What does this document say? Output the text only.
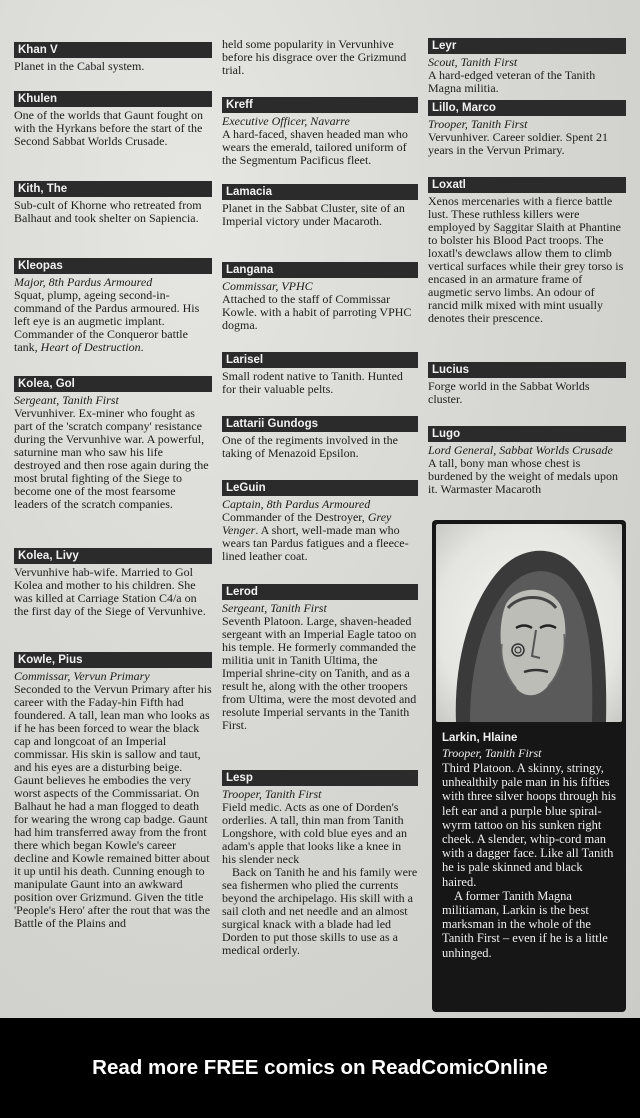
Khan V
Planet in the Cabal system.
Khulen
One of the worlds that Gaunt fought on with the Hyrkans before the start of the Second Sabbat Worlds Crusade.
Kith, The
Sub-cult of Khorne who retreated from Balhaut and took shelter on Sapiencia.
Kleopas
Major, 8th Pardus Armoured
Squat, plump, ageing second-in-command of the Pardus armoured. His left eye is an augmetic implant. Commander of the Conqueror battle tank, Heart of Destruction.
Kolea, Gol
Sergeant, Tanith First
Vervunhiver. Ex-miner who fought as part of the 'scratch company' resistance during the Vervunhive war. A powerful, saturnine man who saw his life destroyed and then rose again during the most brutal fighting of the Siege to become one of the most fearsome leaders of the scratch companies.
Kolea, Livy
Vervunhive hab-wife. Married to Gol Kolea and mother to his children. She was killed at Carriage Station C4/a on the first day of the Siege of Vervunhive.
Kowle, Pius
Commissar, Vervun Primary
Seconded to the Vervun Primary after his career with the Faday-hin Fifth had foundered. A tall, lean man who looks as if he has been forced to wear the black cap and longcoat of an Imperial commissar. His skin is sallow and taut, and his eyes are a disturbing beige. Gaunt believes he embodies the very worst aspects of the Commissariat. On Balhaut he had a man flogged to death for wearing the wrong cap badge. Gaunt had him transferred away from the front there which began Kowle's career decline and Kowle remained bitter about it up until his death. Cunning enough to manipulate Gaunt into an awkward position over Grizmund. Given the title 'People's Hero' after the rout that was the Battle of the Plains and
held some popularity in Vervunhive before his disgrace over the Grizmund trial.
Kreff
Executive Officer, Navarre
A hard-faced, shaven headed man who wears the emerald, tailored uniform of the Segmentum Pacificus fleet.
Lamacia
Planet in the Sabbat Cluster, site of an Imperial victory under Macaroth.
Langana
Commissar, VPHC
Attached to the staff of Commissar Kowle. with a habit of parroting VPHC dogma.
Larisel
Small rodent native to Tanith. Hunted for their valuable pelts.
Lattarii Gundogs
One of the regiments involved in the taking of Menazoid Epsilon.
LeGuin
Captain, 8th Pardus Armoured
Commander of the Destroyer, Grey Venger. A short, well-made man who wears tan Pardus fatigues and a fleece-lined leather coat.
Lerod
Sergeant, Tanith First
Seventh Platoon. Large, shaven-headed sergeant with an Imperial Eagle tatoo on his temple. He formerly commanded the militia unit in Tanith Ultima, the Imperial shrine-city on Tanith, and as a result he, along with the other troopers from Ultima, were the most devoted and resolute Imperial servants in the Tanith First.
Lesp
Trooper, Tanith First
Field medic. Acts as one of Dorden's orderlies. A tall, thin man from Tanith Longshore, with cold blue eyes and an adam's apple that looks like a knee in his slender neck
Back on Tanith he and his family were sea fishermen who plied the currents beyond the archipelago. His skill with a sail cloth and net needle and an almost surgical knack with a blade had led Dorden to put those skills to use as a medical orderly.
Leyr
Scout, Tanith First
A hard-edged veteran of the Tanith Magna militia.
Lillo, Marco
Trooper, Tanith First
Vervunhiver. Career soldier. Spent 21 years in the Vervun Primary.
Loxatl
Xenos mercenaries with a fierce battle lust. These ruthless killers were employed by Saggitar Slaith at Phantine to bolster his Blood Pact troops. The loxatl's dewclaws allow them to climb vertical surfaces while their grey torso is encased in an armature frame of augmetic servo limbs. An odour of rancid milk mixed with mint usually denotes their prescence.
Lucius
Forge world in the Sabbat Worlds cluster.
Lugo
Lord General, Sabbat Worlds Crusade
A tall, bony man whose chest is burdened by the weight of medals upon it. Warmaster Macaroth
Larkin, Hlaine
Trooper, Tanith First
Third Platoon. A skinny, stringy, unhealthily pale man in his fifties with three silver hoops through his left ear and a purple blue spiral-wyrm tattoo on his sunken right cheek. A slender, whip-cord man with a dagger face. Like all Tanith he is pale skinned and black haired.
A former Tanith Magna militiaman, Larkin is the best marksman in the whole of the Tanith First – even if he is a little unhinged.
Read more FREE comics on ReadComicOnline
